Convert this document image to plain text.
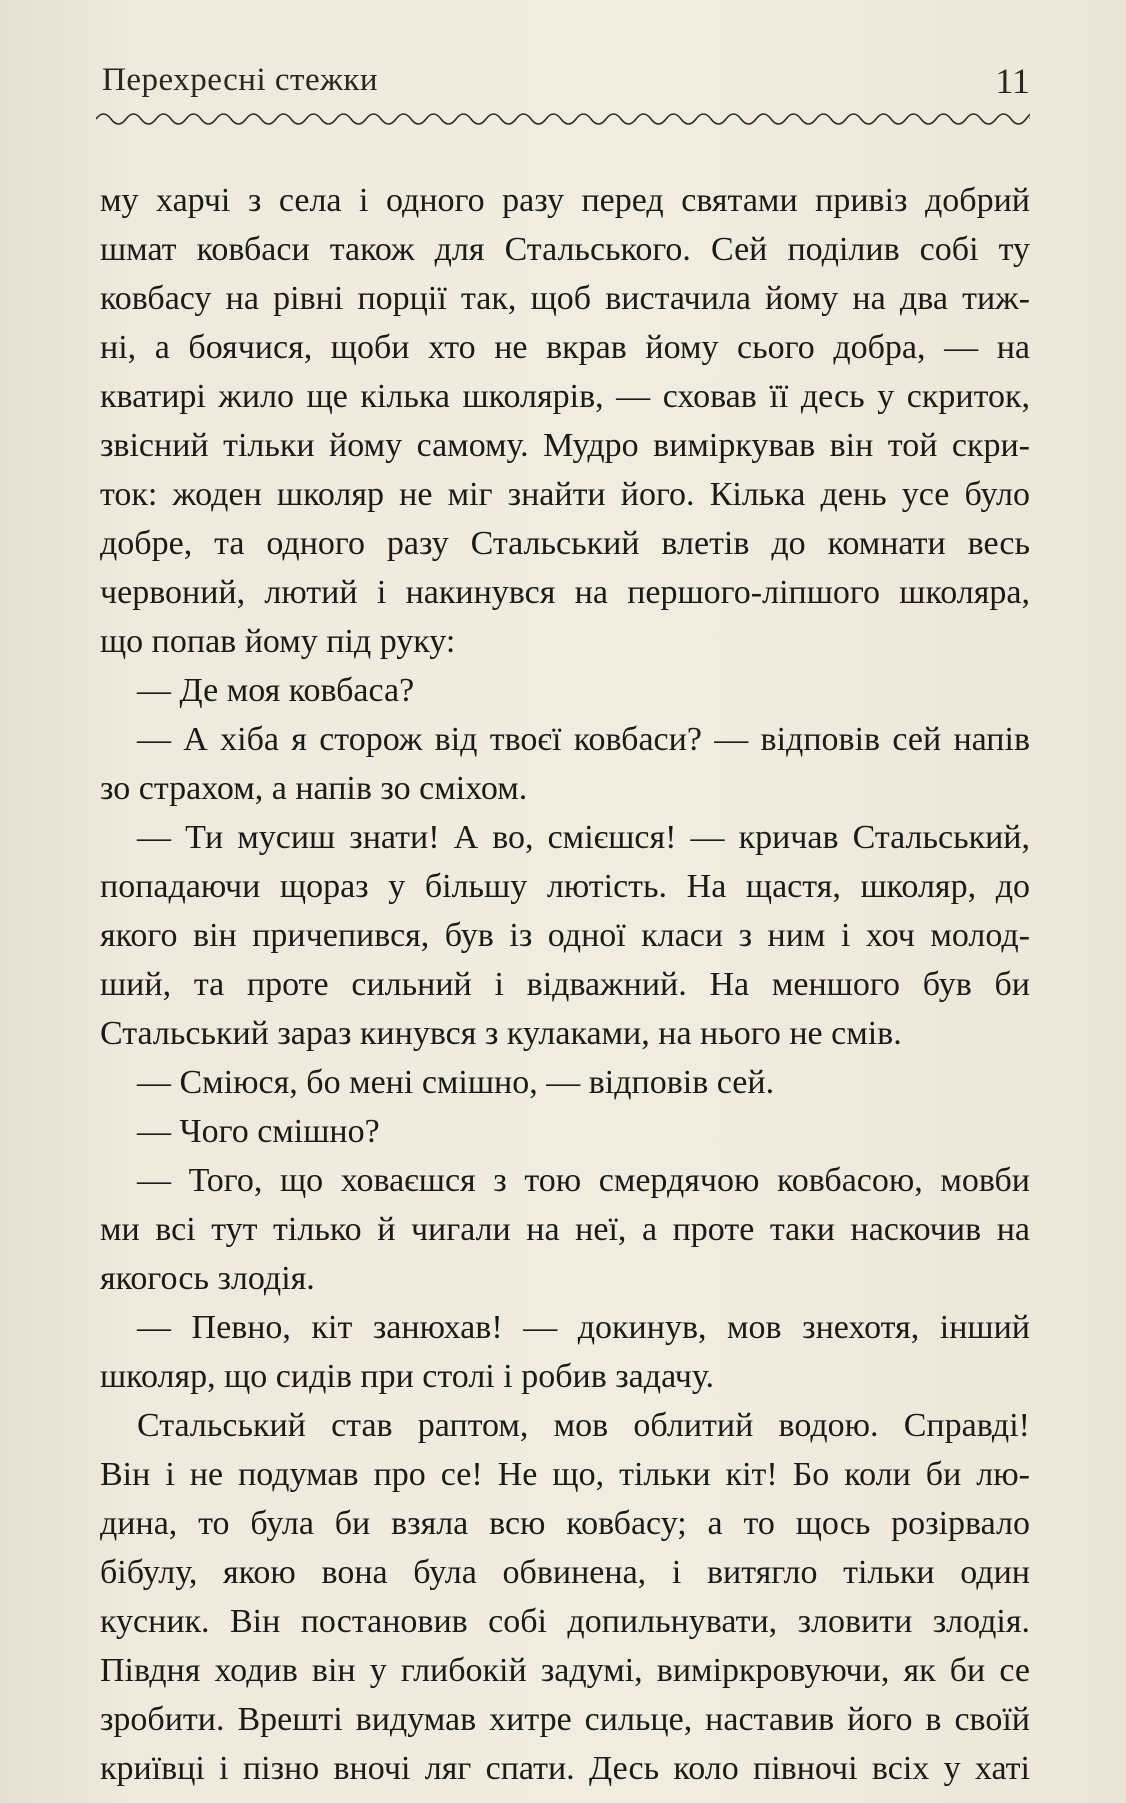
Перехресні стежки	11
му харчі з села і одного разу перед святами привіз добрий
шмат ковбаси також для Стальського. Сей поділив собі ту
ковбасу на рівні порції так, щоб вистачила йому на два тиж-
ні, а боячися, щоби хто не вкрав йому сього добра, — на
кватирі жило ще кілька школярів, — сховав її десь у скриток,
звісний тільки йому самому. Мудро виміркував він той скри-
ток: жоден школяр не міг знайти його. Кілька день усе було
добре, та одного разу Стальський влетів до комнати весь
червоний, лютий і накинувся на першого-ліпшого школяра,
що попав йому під руку:
— Де моя ковбаса?
— А хіба я сторож від твоєї ковбаси? — відповів сей напів
зо страхом, а напів зо сміхом.
— Ти мусиш знати! А во, смієшся! — кричав Стальський,
попадаючи щораз у більшу лютість. На щастя, школяр, до
якого він причепився, був із одної класи з ним і хоч молод-
ший, та проте сильний і відважний. На меншого був би
Стальський зараз кинувся з кулаками, на нього не смів.
— Сміюся, бо мені смішно, — відповів сей.
— Чого смішно?
— Того, що ховаєшся з тою смердячою ковбасою, мовби
ми всі тут тілько й чигали на неї, а проте таки наскочив на
якогось злодія.
— Певно, кіт занюхав! — докинув, мов знехотя, інший
школяр, що сидів при столі і робив задачу.
Стальський став раптом, мов облитий водою. Справді!
Він і не подумав про се! Не що, тільки кіт! Бо коли би лю-
дина, то була би взяла всю ковбасу; а то щось розірвало
бібулу, якою вона була обвинена, і витягло тільки один
кусник. Він постановив собі допильнувати, зловити злодія.
Півдня ходив він у глибокій задумі, виміркровуючи, як би се
зробити. Врешті видумав хитре сильце, наставив його в своїй
криївці і пізно вночі ляг спати. Десь коло півночі всіх у хаті
